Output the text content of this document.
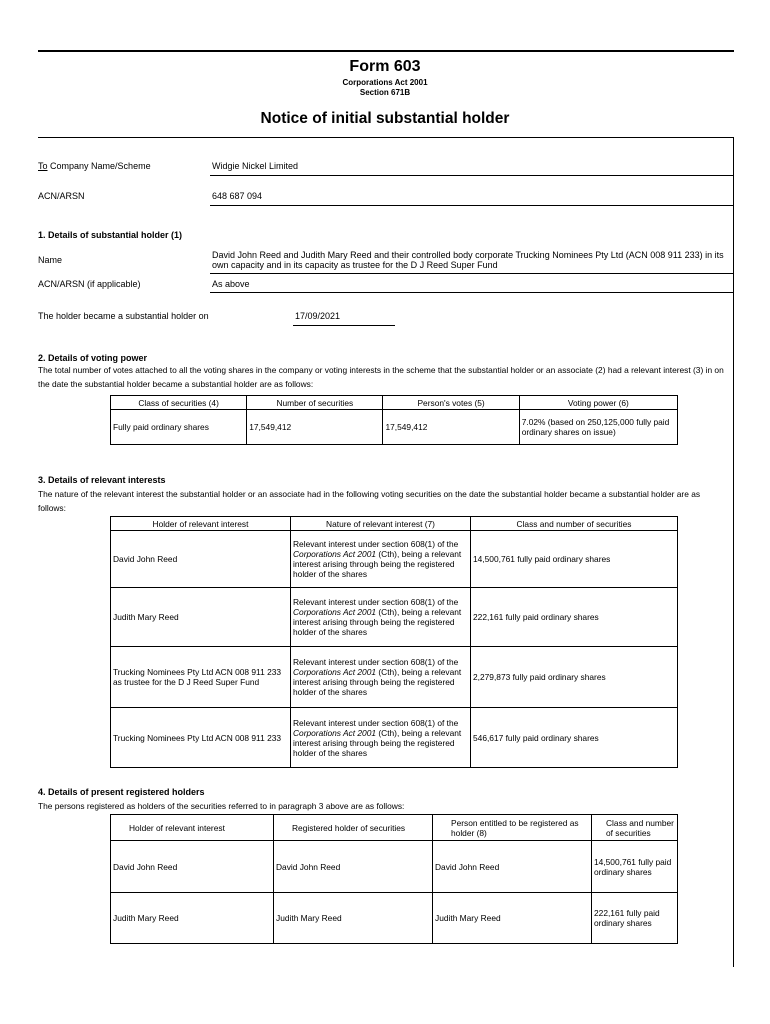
Form 603
Corporations Act 2001
Section 671B
Notice of initial substantial holder
To Company Name/Scheme	Widgie Nickel Limited
ACN/ARSN	648 687 094
1. Details of substantial holder (1)
Name	David John Reed and Judith Mary Reed and their controlled body corporate Trucking Nominees Pty Ltd (ACN 008 911 233) in its own capacity and in its capacity as trustee for the D J Reed Super Fund
ACN/ARSN (if applicable)	As above
The holder became a substantial holder on	17/09/2021
2. Details of voting power
The total number of votes attached to all the voting shares in the company or voting interests in the scheme that the substantial holder or an associate (2) had a relevant interest (3) in on the date the substantial holder became a substantial holder are as follows:
Class of securities (4)	Number of securities	Person's votes (5)	Voting power (6)
Fully paid ordinary shares	17,549,412	17,549,412	7.02% (based on 250,125,000 fully paid ordinary shares on issue)
3. Details of relevant interests
The nature of the relevant interest the substantial holder or an associate had in the following voting securities on the date the substantial holder became a substantial holder are as follows:
Holder of relevant interest	Nature of relevant interest (7)	Class and number of securities
David John Reed	Relevant interest under section 608(1) of the Corporations Act 2001 (Cth), being a relevant interest arising through being the registered holder of the shares	14,500,761 fully paid ordinary shares
Judith Mary Reed	Relevant interest under section 608(1) of the Corporations Act 2001 (Cth), being a relevant interest arising through being the registered holder of the shares	222,161 fully paid ordinary shares
Trucking Nominees Pty Ltd ACN 008 911 233 as trustee for the D J Reed Super Fund	Relevant interest under section 608(1) of the Corporations Act 2001 (Cth), being a relevant interest arising through being the registered holder of the shares	2,279,873 fully paid ordinary shares
Trucking Nominees Pty Ltd ACN 008 911 233	Relevant interest under section 608(1) of the Corporations Act 2001 (Cth), being a relevant interest arising through being the registered holder of the shares	546,617 fully paid ordinary shares
4. Details of present registered holders
The persons registered as holders of the securities referred to in paragraph 3 above are as follows:
Holder of relevant interest	Registered holder of securities	Person entitled to be registered as holder (8)	Class and number of securities
David John Reed	David John Reed	David John Reed	14,500,761 fully paid ordinary shares
Judith Mary Reed	Judith Mary Reed	Judith Mary Reed	222,161 fully paid ordinary shares
